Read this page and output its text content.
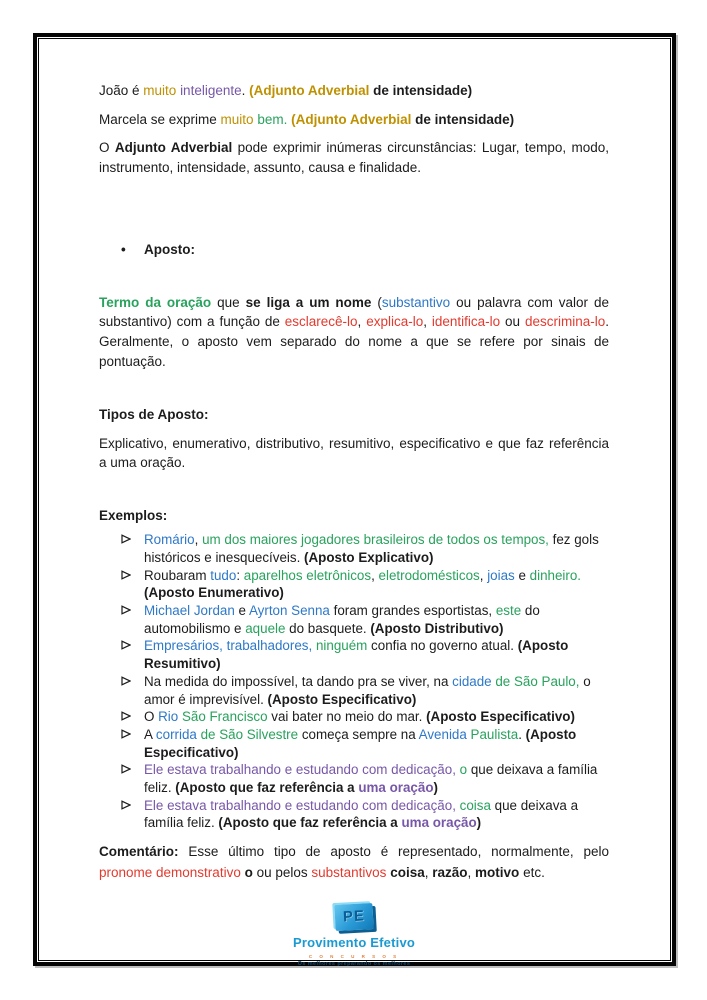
João é muito inteligente. (Adjunto Adverbial de intensidade)

Marcela se exprime muito bem. (Adjunto Adverbial de intensidade)

O Adjunto Adverbial pode exprimir inúmeras circunstâncias: Lugar, tempo, modo, instrumento, intensidade, assunto, causa e finalidade.

• Aposto:

Termo da oração que se liga a um nome (substantivo ou palavra com valor de substantivo) com a função de esclarecê-lo, explica-lo, identifica-lo ou descrimina-lo. Geralmente, o aposto vem separado do nome a que se refere por sinais de pontuação.

Tipos de Aposto:

Explicativo, enumerativo, distributivo, resumitivo, especificativo e que faz referência a uma oração.

Exemplos:

Romário, um dos maiores jogadores brasileiros de todos os tempos, fez gols históricos e inesquecíveis. (Aposto Explicativo)
Roubaram tudo: aparelhos eletrônicos, eletrodomésticos, joias e dinheiro. (Aposto Enumerativo)
Michael Jordan e Ayrton Senna foram grandes esportistas, este do automobilismo e aquele do basquete. (Aposto Distributivo)
Empresários, trabalhadores, ninguém confia no governo atual. (Aposto Resumitivo)
Na medida do impossível, ta dando pra se viver, na cidade de São Paulo, o amor é imprevisível. (Aposto Especificativo)
O Rio São Francisco vai bater no meio do mar. (Aposto Especificativo)
A corrida de São Silvestre começa sempre na Avenida Paulista. (Aposto Especificativo)
Ele estava trabalhando e estudando com dedicação, o que deixava a família feliz. (Aposto que faz referência a uma oração)
Ele estava trabalhando e estudando com dedicação, coisa que deixava a família feliz. (Aposto que faz referência a uma oração)

Comentário: Esse último tipo de aposto é representado, normalmente, pelo pronome demonstrativo o ou pelos substantivos coisa, razão, motivo etc.

PE
Provimento Efetivo
C O N C U R S O S
Os melhores preparando os melhores
